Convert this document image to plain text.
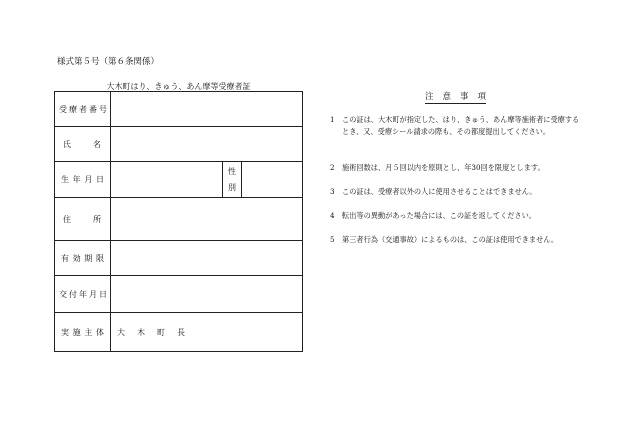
様式第５号（第６条関係）
大木町はり、きゅう、あん摩等受療者証
受 療 者 番 号
氏	名
生 年 月 日
性
別
住	所
有 効 期 限
交 付 年 月 日
実 施 主 体 大 木 町 長
注 意 事 項
1	この証は、大木町が指定した、はり、きゅう、あん摩等施術者に受療するとき、又、受療シール請求の際も、その都度提出してください。
2	施術回数は、月５回以内を原則とし、年30回を限度とします。
3	この証は、受療者以外の人に使用させることはできません。
4	転出等の異動があった場合には、この証を返してください。
5	第三者行為（交通事故）によるものは、この証は使用できません。
